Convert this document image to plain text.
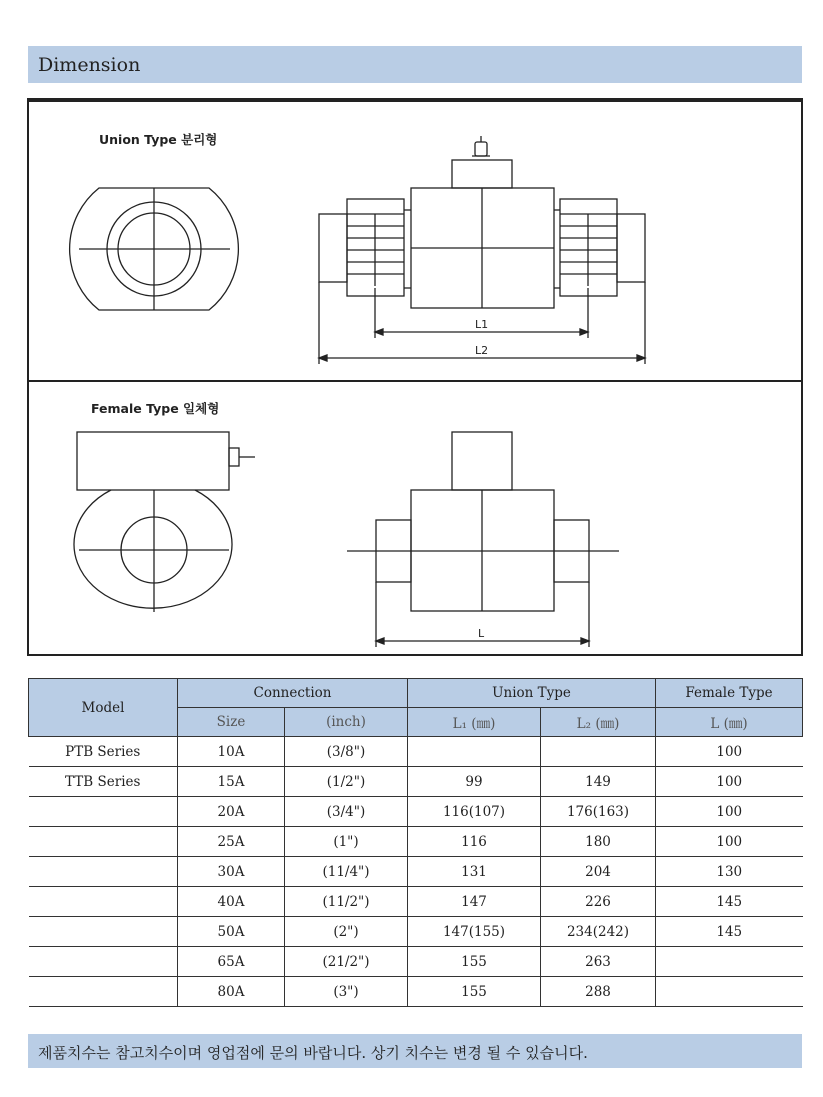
Dimension
Union Type 분리형
L1
L2
Female Type 일체형
L
Model	Connection		Union Type		Female Type
	Size	(inch)	L₁ (㎜)	L₂ (㎜)	L (㎜)
PTB Series	10A	(3/8")			100
TTB Series	15A	(1/2")	99	149	100
	20A	(3/4")	116(107)	176(163)	100
	25A	(1")	116	180	100
	30A	(11/4")	131	204	130
	40A	(11/2")	147	226	145
	50A	(2")	147(155)	234(242)	145
	65A	(21/2")	155	263	
	80A	(3")	155	288	
제품치수는 참고치수이며 영업점에 문의 바랍니다. 상기 치수는 변경 될 수 있습니다.
